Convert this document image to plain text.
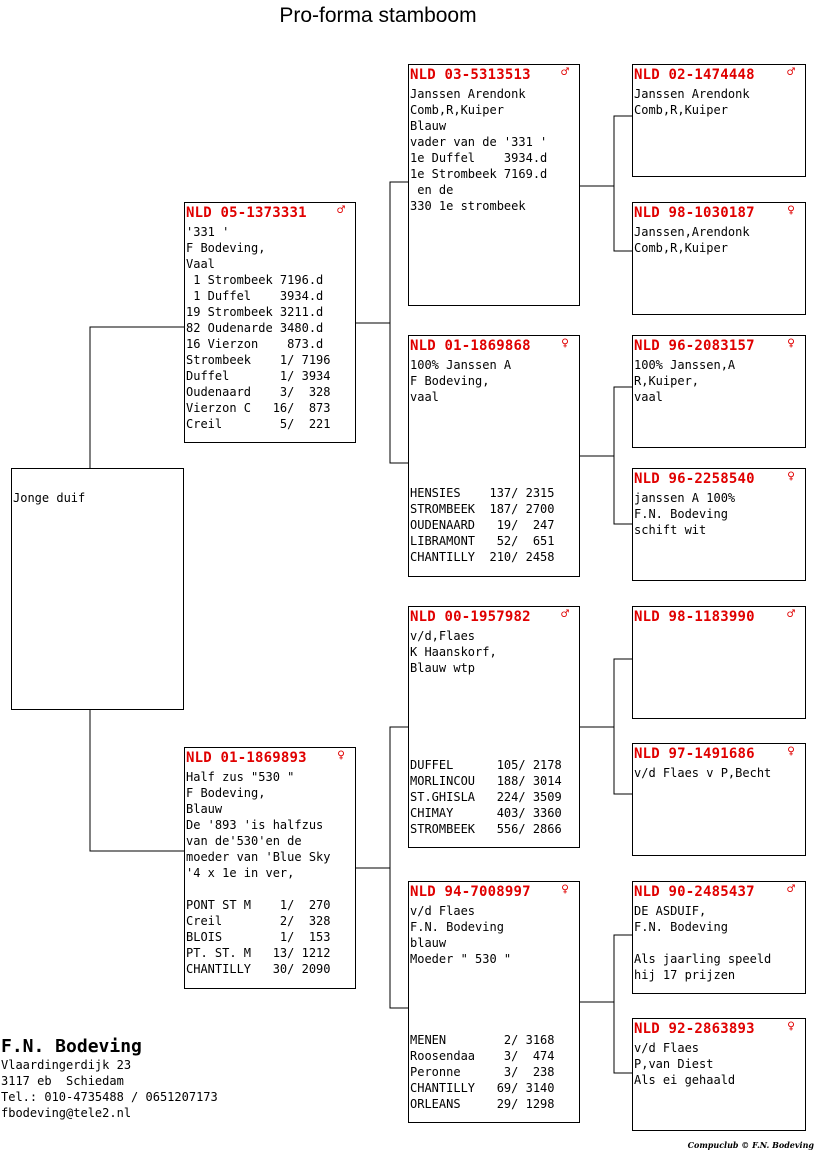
Pro-forma stamboom
Jonge duif
NLD 05-1373331 ♂
'331 '
F Bodeving,
Vaal
1 Strombeek 7196.d
1 Duffel    3934.d
19 Strombeek 3211.d
82 Oudenarde 3480.d
16 Vierzon    873.d
Strombeek    1/ 7196
Duffel       1/ 3934
Oudenaard    3/  328
Vierzon C   16/  873
Creil        5/  221
NLD 01-1869893 ♀
Half zus "530 "
F Bodeving,
Blauw
De '893 'is halfzus
van de'530'en de
moeder van 'Blue Sky
'4 x 1e in ver,
PONT ST M    1/  270
Creil        2/  328
BLOIS        1/  153
PT. ST. M   13/ 1212
CHANTILLY   30/ 2090
NLD 03-5313513 ♂
Janssen Arendonk
Comb,R,Kuiper
Blauw
vader van de '331 '
1e Duffel    3934.d
1e Strombeek 7169.d
en de
330 1e strombeek
NLD 01-1869868 ♀
100% Janssen A
F Bodeving,
vaal
HENSIES    137/ 2315
STROMBEEK  187/ 2700
OUDENAARD   19/  247
LIBRAMONT   52/  651
CHANTILLY  210/ 2458
NLD 00-1957982 ♂
v/d,Flaes
K Haanskorf,
Blauw wtp
DUFFEL      105/ 2178
MORLINCOU   188/ 3014
ST.GHISLA   224/ 3509
CHIMAY      403/ 3360
STROMBEEK   556/ 2866
NLD 94-7008997 ♀
v/d Flaes
F.N. Bodeving
blauw
Moeder " 530 "
MENEN        2/ 3168
Roosendaa    3/  474
Peronne      3/  238
CHANTILLY   69/ 3140
ORLEANS     29/ 1298
NLD 02-1474448 ♂
Janssen Arendonk
Comb,R,Kuiper
NLD 98-1030187 ♀
Janssen,Arendonk
Comb,R,Kuiper
NLD 96-2083157 ♀
100% Janssen,A
R,Kuiper,
vaal
NLD 96-2258540 ♀
janssen A 100%
F.N. Bodeving
schift wit
NLD 98-1183990 ♂
NLD 97-1491686 ♀
v/d Flaes v P,Becht
NLD 90-2485437 ♂
DE ASDUIF,
F.N. Bodeving
Als jaarling speeld
hij 17 prijzen
NLD 92-2863893 ♀
v/d Flaes
P,van Diest
Als ei gehaald
F.N. Bodeving
Vlaardingerdijk 23
3117 eb  Schiedam
Tel.: 010-4735488 / 0651207173
fbodeving@tele2.nl
Compuclub © F.N. Bodeving
